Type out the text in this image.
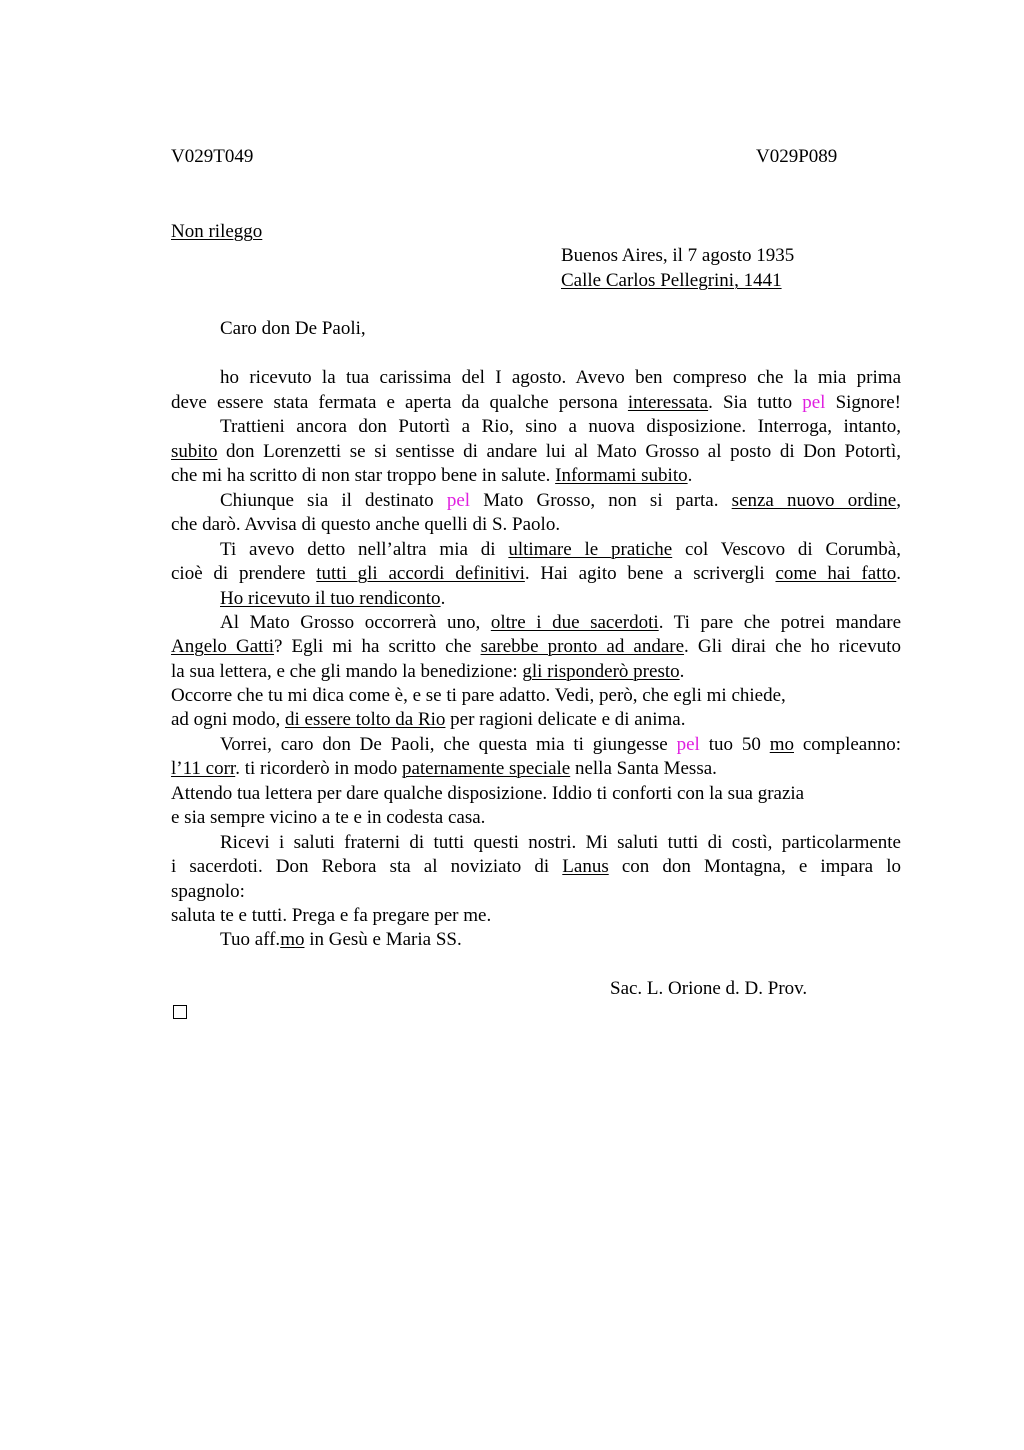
V029T049	V029P089
Non rileggo
Buenos Aires, il 7 agosto 1935
Calle Carlos Pellegrini, 1441
Caro don De Paoli,
ho ricevuto la tua carissima del I agosto. Avevo ben compreso che la mia prima
deve essere stata fermata e aperta da qualche persona interessata. Sia tutto pel Signore!
Trattieni ancora don Putortì a Rio, sino a nuova disposizione. Interroga, intanto,
subito don Lorenzetti se si sentisse di andare lui al Mato Grosso al posto di Don Potortì,
che mi ha scritto di non star troppo bene in salute. Informami subito.
Chiunque sia il destinato pel Mato Grosso, non si parta. senza nuovo ordine,
che darò. Avvisa di questo anche quelli di S. Paolo.
Ti avevo detto nell’altra mia di ultimare le pratiche col Vescovo di Corumbà,
cioè di prendere tutti gli accordi definitivi. Hai agito bene a scrivergli come hai fatto.
Ho ricevuto il tuo rendiconto.
Al Mato Grosso occorrerà uno, oltre i due sacerdoti. Ti pare che potrei mandare
Angelo Gatti? Egli mi ha scritto che sarebbe pronto ad andare. Gli dirai che ho ricevuto
la sua lettera, e che gli mando la benedizione: gli risponderò presto.
Occorre che tu mi dica come è, e se ti pare adatto. Vedi, però, che egli mi chiede,
ad ogni modo, di essere tolto da Rio per ragioni delicate e di anima.
Vorrei, caro don De Paoli, che questa mia ti giungesse pel tuo 50 mo compleanno:
l’11 corr. ti ricorderò in modo paternamente speciale nella Santa Messa.
Attendo tua lettera per dare qualche disposizione. Iddio ti conforti con la sua grazia
e sia sempre vicino a te e in codesta casa.
Ricevi i saluti fraterni di tutti questi nostri. Mi saluti tutti di costì, particolarmente
i sacerdoti. Don Rebora sta al noviziato di Lanus con don Montagna, e impara lo
spagnolo:
saluta te e tutti. Prega e fa pregare per me.
Tuo aff.mo in Gesù e Maria SS.
Sac. L. Orione d. D. Prov.
